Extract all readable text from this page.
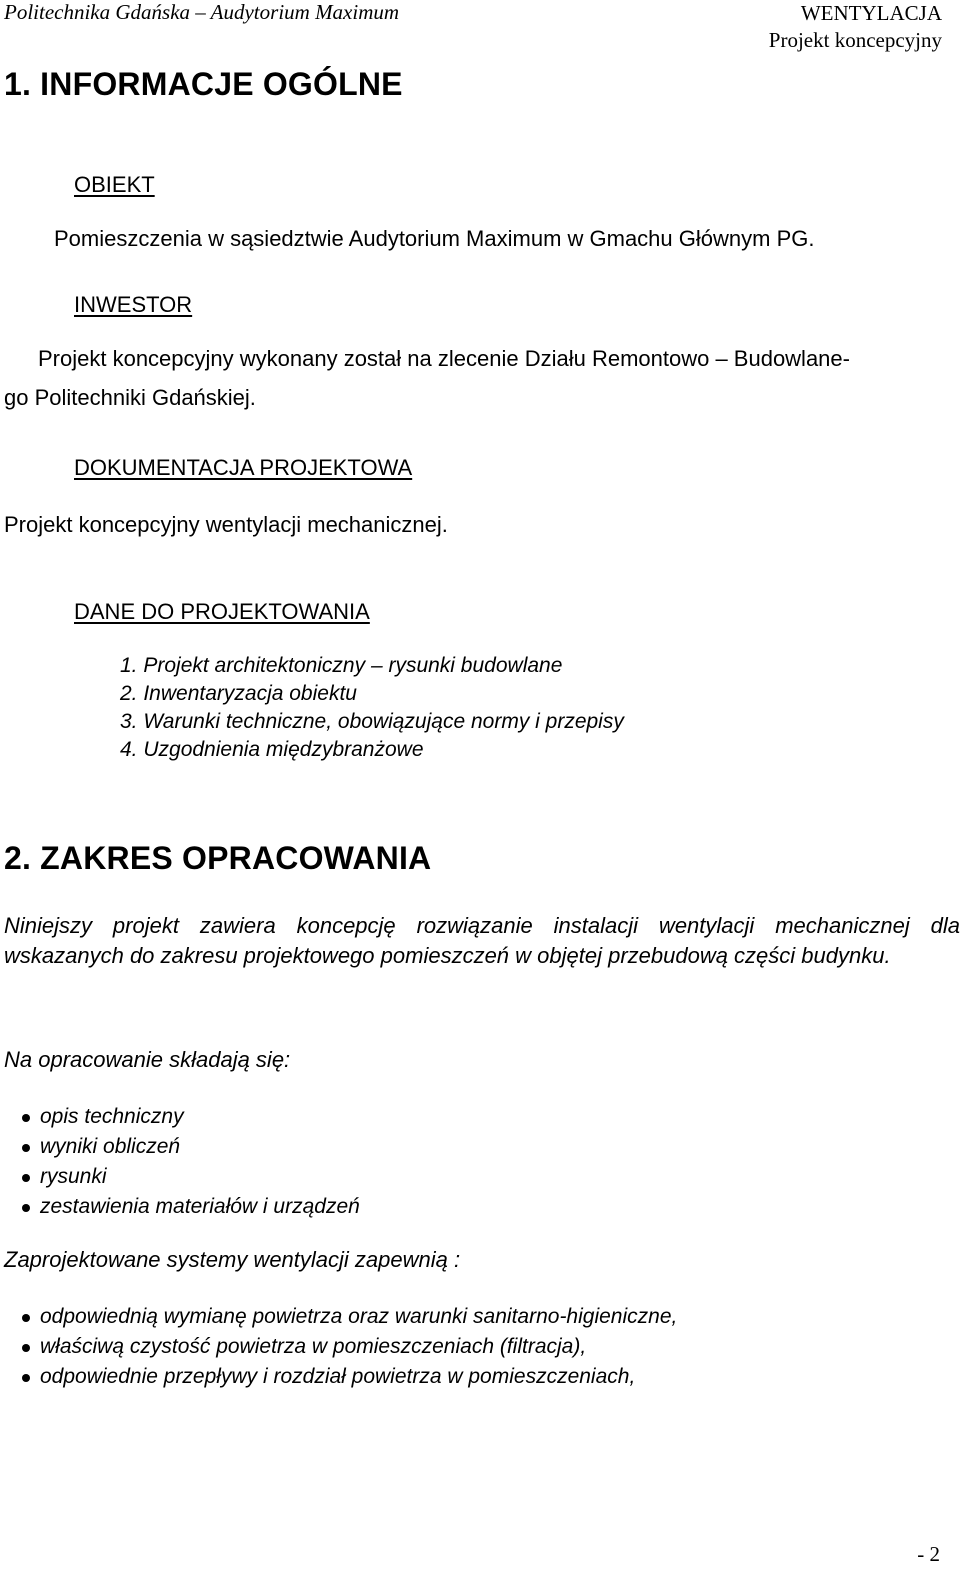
Politechnika Gdańska – Audytorium Maximum	WENTYLACJA
Projekt koncepcyjny
1. INFORMACJE OGÓLNE
OBIEKT
Pomieszczenia w sąsiedztwie Audytorium Maximum w Gmachu Głównym PG.
INWESTOR
Projekt koncepcyjny wykonany został na zlecenie Działu Remontowo – Budowlane-
go Politechniki Gdańskiej.
DOKUMENTACJA PROJEKTOWA
Projekt koncepcyjny wentylacji mechanicznej.
DANE DO PROJEKTOWANIA
1. Projekt architektoniczny – rysunki budowlane
2. Inwentaryzacja obiektu
3. Warunki techniczne, obowiązujące normy i przepisy
4. Uzgodnienia międzybranżowe
2. ZAKRES OPRACOWANIA
Niniejszy projekt zawiera koncepcję rozwiązanie instalacji wentylacji mechanicznej dla wskazanych do zakresu projektowego pomieszczeń w objętej przebudową części budynku.
Na opracowanie składają się:
opis techniczny
wyniki obliczeń
rysunki
zestawienia materiałów i urządzeń
Zaprojektowane systemy wentylacji zapewnią :
odpowiednią wymianę powietrza oraz warunki sanitarno-higieniczne,
właściwą czystość powietrza w pomieszczeniach (filtracja),
odpowiednie przepływy i rozdział powietrza w pomieszczeniach,
- 2
